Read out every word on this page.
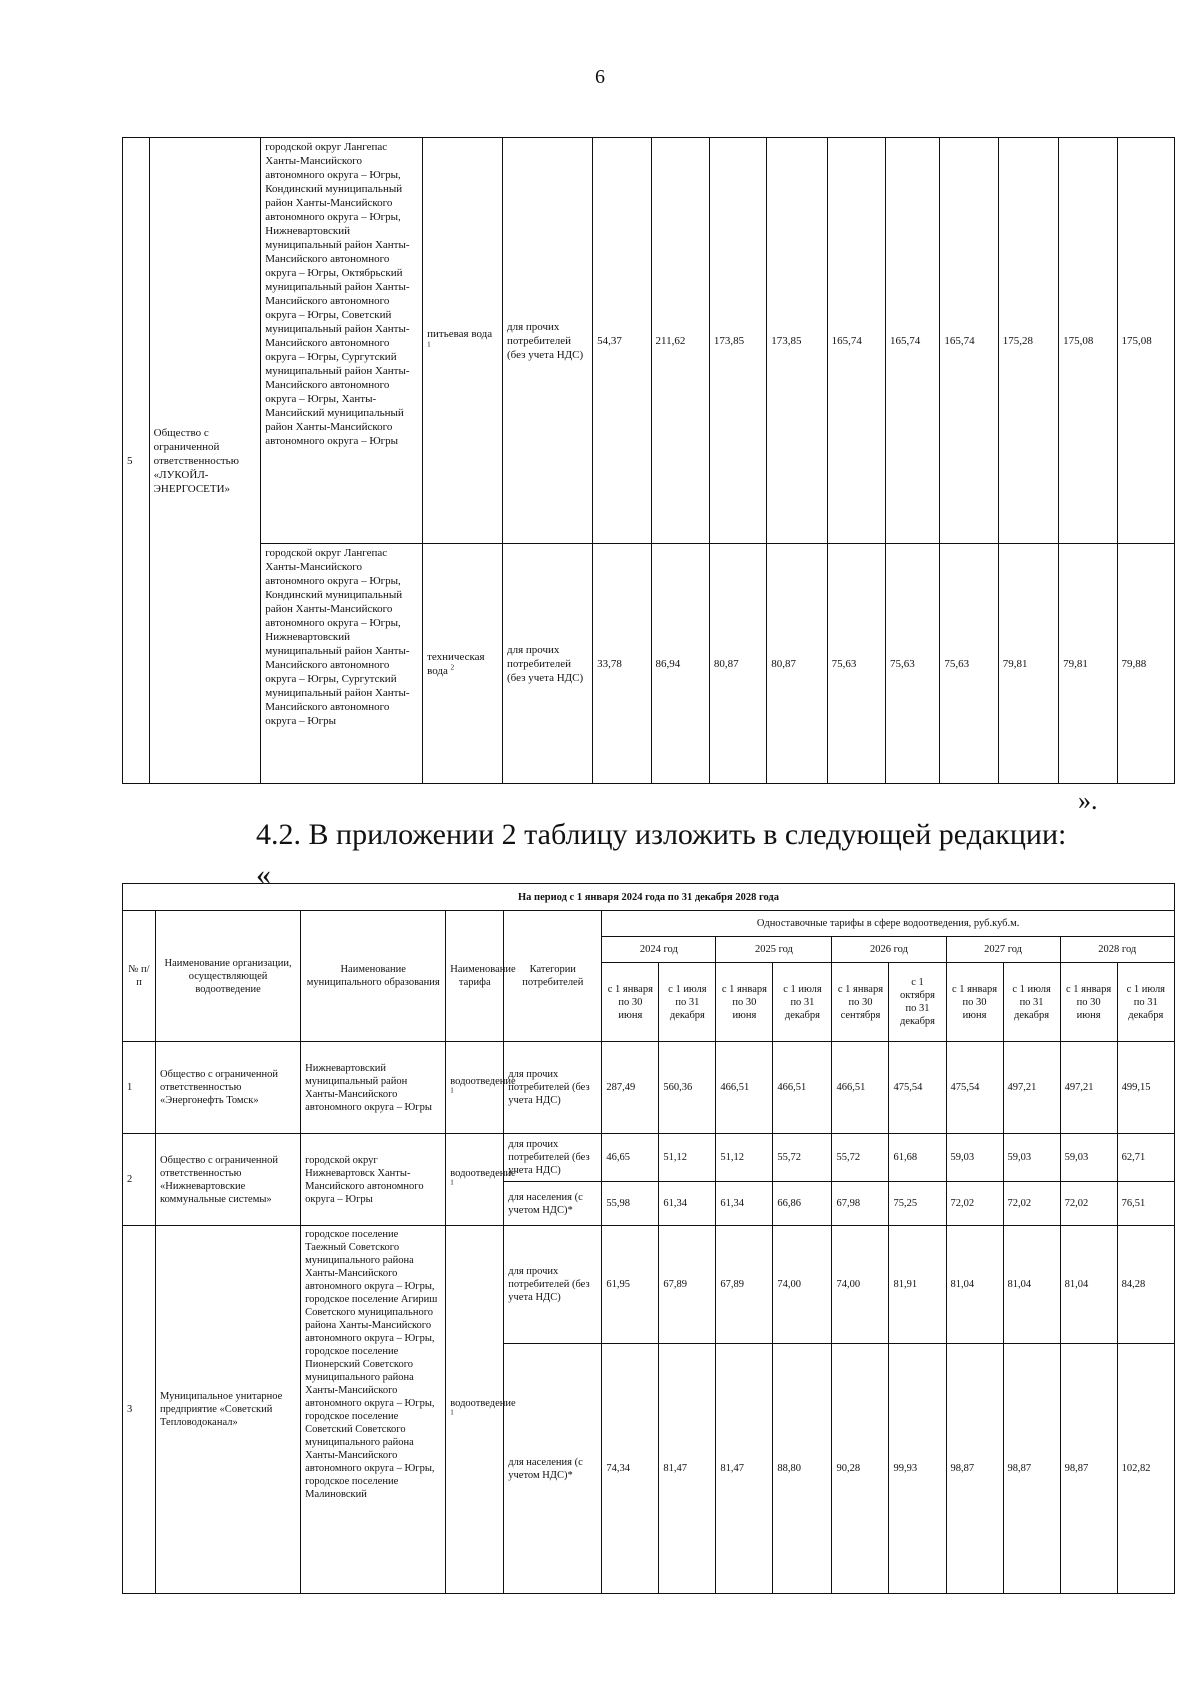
6
5	Общество с ограниченной ответственностью «ЛУКОЙЛ-ЭНЕРГОСЕТИ»	городской округ Лангепас Ханты-Мансийского автономного округа – Югры, Кондинский муниципальный район Ханты-Мансийского автономного округа – Югры, Нижневартовский муниципальный район Ханты-Мансийского автономного округа – Югры, Октябрьский муниципальный район Ханты-Мансийского автономного округа – Югры, Советский муниципальный район Ханты-Мансийского автономного округа – Югры, Сургутский муниципальный район Ханты-Мансийского автономного округа – Югры, Ханты-Мансийский муниципальный район Ханты-Мансийского автономного округа – Югры	питьевая вода $^1$	для прочих потребителей (без учета НДС)	54,37	211,62	173,85	173,85	165,74	165,74	165,74	175,28	175,08	175,08
		городской округ Лангепас Ханты-Мансийского автономного округа – Югры, Кондинский муниципальный район Ханты-Мансийского автономного округа – Югры, Нижневартовский муниципальный район Ханты-Мансийского автономного округа – Югры, Сургутский муниципальный район Ханты-Мансийского автономного округа – Югры	техническая вода $^2$	для прочих потребителей (без учета НДС)	33,78	86,94	80,87	80,87	75,63	75,63	75,63	79,81	79,81	79,88
».
4.2. В приложении 2 таблицу изложить в следующей редакции:
«
На период с 1 января 2024 года по 31 декабря 2028 года														
№ п/п	Наименование организации, осуществляющей водоотведение	Наименование муниципального образования	Наименование тарифа	Категории потребителей	Одноставочные тарифы в сфере водоотведения, руб.куб.м.									
					2024 год		2025 год		2026 год		2027 год		2028 год	
					с 1 января по 30 июня	с 1 июля по 31 декабря	с 1 января по 30 июня	с 1 июля по 31 декабря	с 1 января по 30 сентября	с 1 октября по 31 декабря	с 1 января по 30 июня	с 1 июля по 31 декабря	с 1 января по 30 июня	с 1 июля по 31 декабря
1	Общество с ограниченной ответственностью «Энергонефть Томск»	Нижневартовский муниципальный район Ханты-Мансийского автономного округа – Югры	водоотведение $^1$	для прочих потребителей (без учета НДС)	287,49	560,36	466,51	466,51	466,51	475,54	475,54	497,21	497,21	499,15
2	Общество с ограниченной ответственностью «Нижневартовские коммунальные системы»	городской округ Нижневартовск Ханты-Мансийского автономного округа – Югры	водоотведение $^1$	для прочих потребителей (без учета НДС)	46,65	51,12	51,12	55,72	55,72	61,68	59,03	59,03	59,03	62,71
				для населения (с учетом НДС)*	55,98	61,34	61,34	66,86	67,98	75,25	72,02	72,02	72,02	76,51
3	Муниципальное унитарное предприятие «Советский Тепловодоканал»	городское поселение Таежный Советского муниципального района Ханты-Мансийского автономного округа – Югры, городское поселение Агириш Советского муниципального района Ханты-Мансийского автономного округа – Югры, городское поселение Пионерский Советского муниципального района Ханты-Мансийского автономного округа – Югры, городское поселение Советский Советского муниципального района Ханты-Мансийского автономного округа – Югры, городское поселение Малиновский	водоотведение $^1$	для прочих потребителей (без учета НДС)	61,95	67,89	67,89	74,00	74,00	81,91	81,04	81,04	81,04	84,28
				для населения (с учетом НДС)*	74,34	81,47	81,47	88,80	90,28	99,93	98,87	98,87	98,87	102,82
